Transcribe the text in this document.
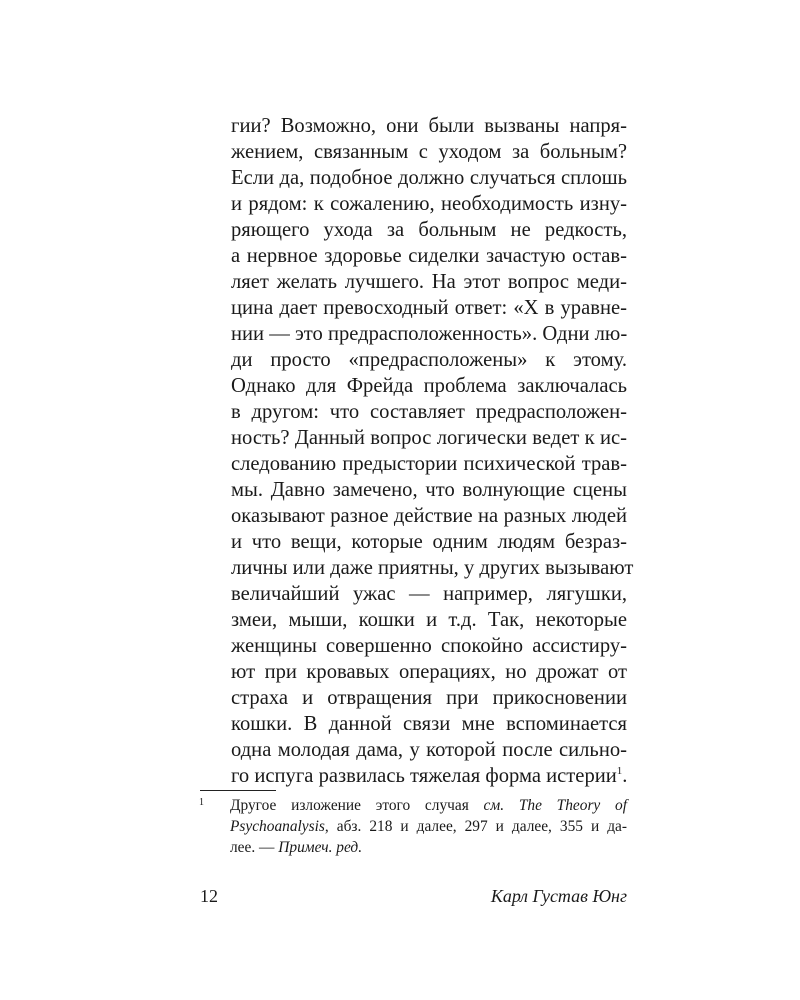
гии? Возможно, они были вызваны напря-
жением, связанным с уходом за больным?
Если да, подобное должно случаться сплошь
и рядом: к сожалению, необходимость изну-
ряющего ухода за больным не редкость,
а нервное здоровье сиделки зачастую остав-
ляет желать лучшего. На этот вопрос меди-
цина дает превосходный ответ: «X в уравне-
нии — это предрасположенность». Одни лю-
ди просто «предрасположены» к этому.
Однако для Фрейда проблема заключалась
в другом: что составляет предрасположен-
ность? Данный вопрос логически ведет к ис-
следованию предыстории психической трав-
мы. Давно замечено, что волнующие сцены
оказывают разное действие на разных людей
и что вещи, которые одним людям безраз-
личны или даже приятны, у других вызывают
величайший ужас — например, лягушки,
змеи, мыши, кошки и т.д. Так, некоторые
женщины совершенно спокойно ассистиру-
ют при кровавых операциях, но дрожат от
страха и отвращения при прикосновении
кошки. В данной связи мне вспоминается
одна молодая дама, у которой после сильно-
го испуга развилась тяжелая форма истерии$^1$.
1 Другое изложение этого случая см. The Theory of
Psychoanalysis, абз. 218 и далее, 297 и далее, 355 и да-
лее. — Примеч. ред.
12	Карл Густав Юнг
